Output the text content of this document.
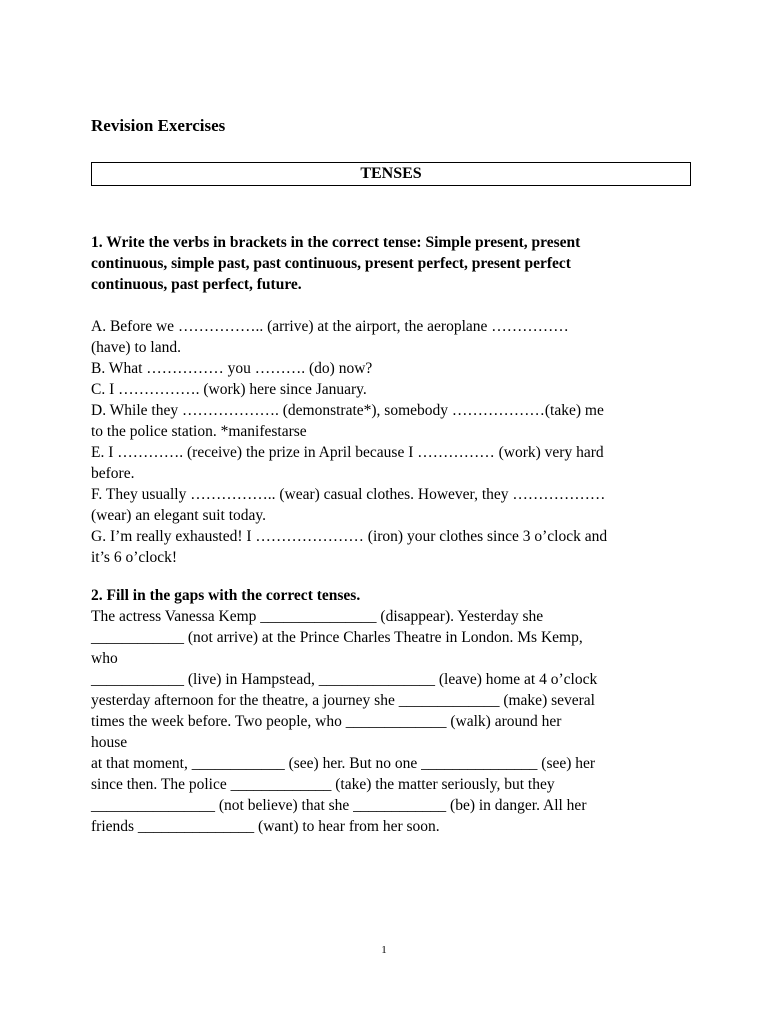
Revision Exercises
TENSES
1. Write the verbs in brackets in the correct tense: Simple present, present
continuous, simple past, past continuous, present perfect, present perfect
continuous, past perfect, future.
A. Before we …………….. (arrive) at the airport, the aeroplane ……………
(have) to land.
B. What …………… you ………. (do) now?
C. I ……………. (work) here since January.
D. While they ………………. (demonstrate*), somebody ………………(take) me
to the police station. *manifestarse
E. I …………. (receive) the prize in April because I …………… (work) very hard
before.
F. They usually …………….. (wear) casual clothes. However, they ………………
(wear) an elegant suit today.
G. I’m really exhausted! I ………………… (iron) your clothes since 3 o’clock and
it’s 6 o’clock!
2. Fill in the gaps with the correct tenses.
The actress Vanessa Kemp _______________ (disappear). Yesterday she
____________ (not arrive) at the Prince Charles Theatre in London. Ms Kemp,
who
____________ (live) in Hampstead, _______________ (leave) home at 4 o’clock
yesterday afternoon for the theatre, a journey she _____________ (make) several
times the week before. Two people, who _____________ (walk) around her
house
at that moment, ____________ (see) her. But no one _______________ (see) her
since then. The police _____________ (take) the matter seriously, but they
________________ (not believe) that she ____________ (be) in danger. All her
friends _______________ (want) to hear from her soon.
1
